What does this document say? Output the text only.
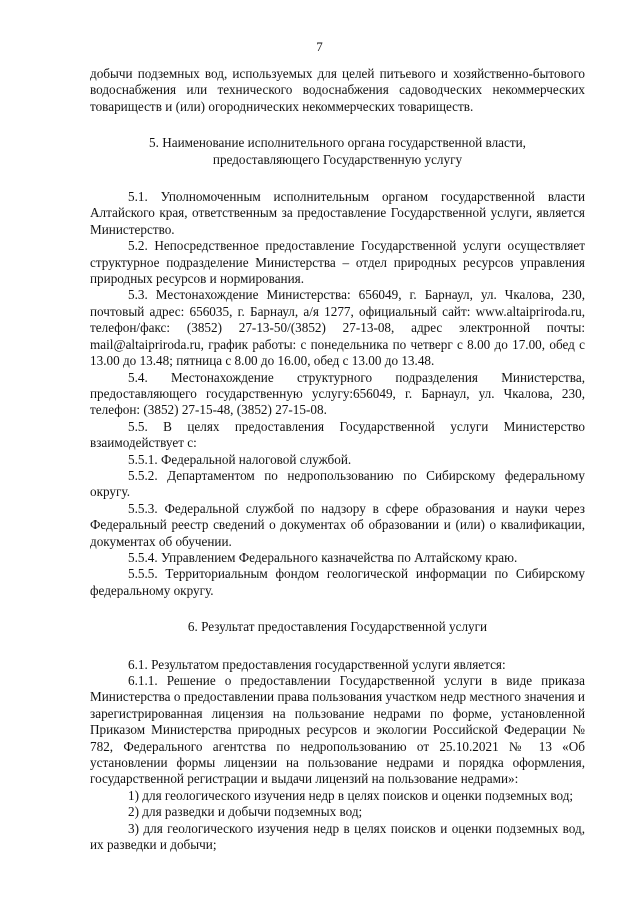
7

добычи подземных вод, используемых для целей питьевого и хозяйственно-бытового водоснабжения или технического водоснабжения садоводческих некоммерческих товариществ и (или) огороднических некоммерческих товариществ.

5. Наименование исполнительного органа государственной власти, предоставляющего Государственную услугу

5.1. Уполномоченным исполнительным органом государственной власти Алтайского края, ответственным за предоставление Государственной услуги, является Министерство.

5.2. Непосредственное предоставление Государственной услуги осуществляет структурное подразделение Министерства – отдел природных ресурсов управления природных ресурсов и нормирования.

5.3. Местонахождение Министерства: 656049, г. Барнаул, ул. Чкалова, 230, почтовый адрес: 656035, г. Барнаул, а/я 1277, официальный сайт: www.altaipriroda.ru, телефон/факс: (3852) 27-13-50/(3852) 27-13-08, адрес электронной почты: mail@altaipriroda.ru, график работы: с понедельника по четверг с 8.00 до 17.00, обед с 13.00 до 13.48; пятница с 8.00 до 16.00, обед с 13.00 до 13.48.

5.4. Местонахождение структурного подразделения Министерства, предоставляющего государственную услугу:656049, г. Барнаул, ул. Чкалова, 230, телефон: (3852) 27-15-48, (3852) 27-15-08.

5.5. В целях предоставления Государственной услуги Министерство взаимодействует с:

5.5.1. Федеральной налоговой службой.

5.5.2. Департаментом по недропользованию по Сибирскому федеральному округу.

5.5.3. Федеральной службой по надзору в сфере образования и науки через Федеральный реестр сведений о документах об образовании и (или) о квалификации, документах об обучении.

5.5.4. Управлением Федерального казначейства по Алтайскому краю.

5.5.5. Территориальным фондом геологической информации по Сибирскому федеральному округу.

6. Результат предоставления Государственной услуги

6.1. Результатом предоставления государственной услуги является:

6.1.1. Решение о предоставлении Государственной услуги в виде приказа Министерства о предоставлении права пользования участком недр местного значения и зарегистрированная лицензия на пользование недрами по форме, установленной Приказом Министерства природных ресурсов и экологии Российской Федерации № 782, Федерального агентства по недропользованию от 25.10.2021 № 13 «Об установлении формы лицензии на пользование недрами и порядка оформления, государственной регистрации и выдачи лицензий на пользование недрами»:

1) для геологического изучения недр в целях поисков и оценки подземных вод;

2) для разведки и добычи подземных вод;

3) для геологического изучения недр в целях поисков и оценки подземных вод, их разведки и добычи;
